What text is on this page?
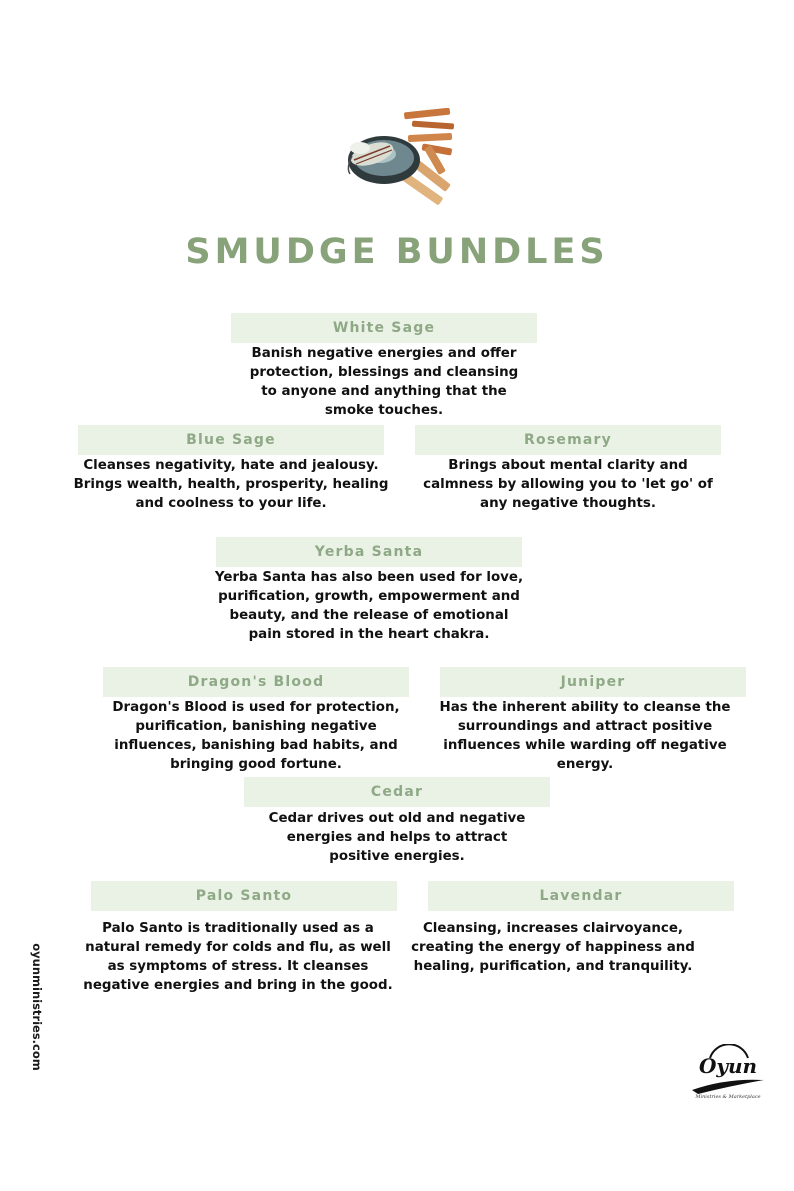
SMUDGE BUNDLES
White Sage

Banish negative energies and offer
protection, blessings and cleansing
to anyone and anything that the
smoke touches.

Blue Sage

Cleanses negativity, hate and jealousy.
Brings wealth, health, prosperity, healing
and coolness to your life.

Rosemary

Brings about mental clarity and
calmness by allowing you to 'let go' of
any negative thoughts.

Yerba Santa

Yerba Santa has also been used for love,
purification, growth, empowerment and
beauty, and the release of emotional
pain stored in the heart chakra.

Dragon's Blood

Dragon's Blood is used for protection,
purification, banishing negative
influences, banishing bad habits, and
bringing good fortune.

Juniper

Has the inherent ability to cleanse the
surroundings and attract positive
influences while warding off negative
energy.

Cedar

Cedar drives out old and negative
energies and helps to attract
positive energies.

Palo Santo

Palo Santo is traditionally used as a
natural remedy for colds and flu, as well
as symptoms of stress. It cleanses
negative energies and bring in the good.

Lavendar

Cleansing, increases clairvoyance,
creating the energy of happiness and
healing, purification, and tranquility.

oyunministries.com	Oyun
Ministries & Marketplace
